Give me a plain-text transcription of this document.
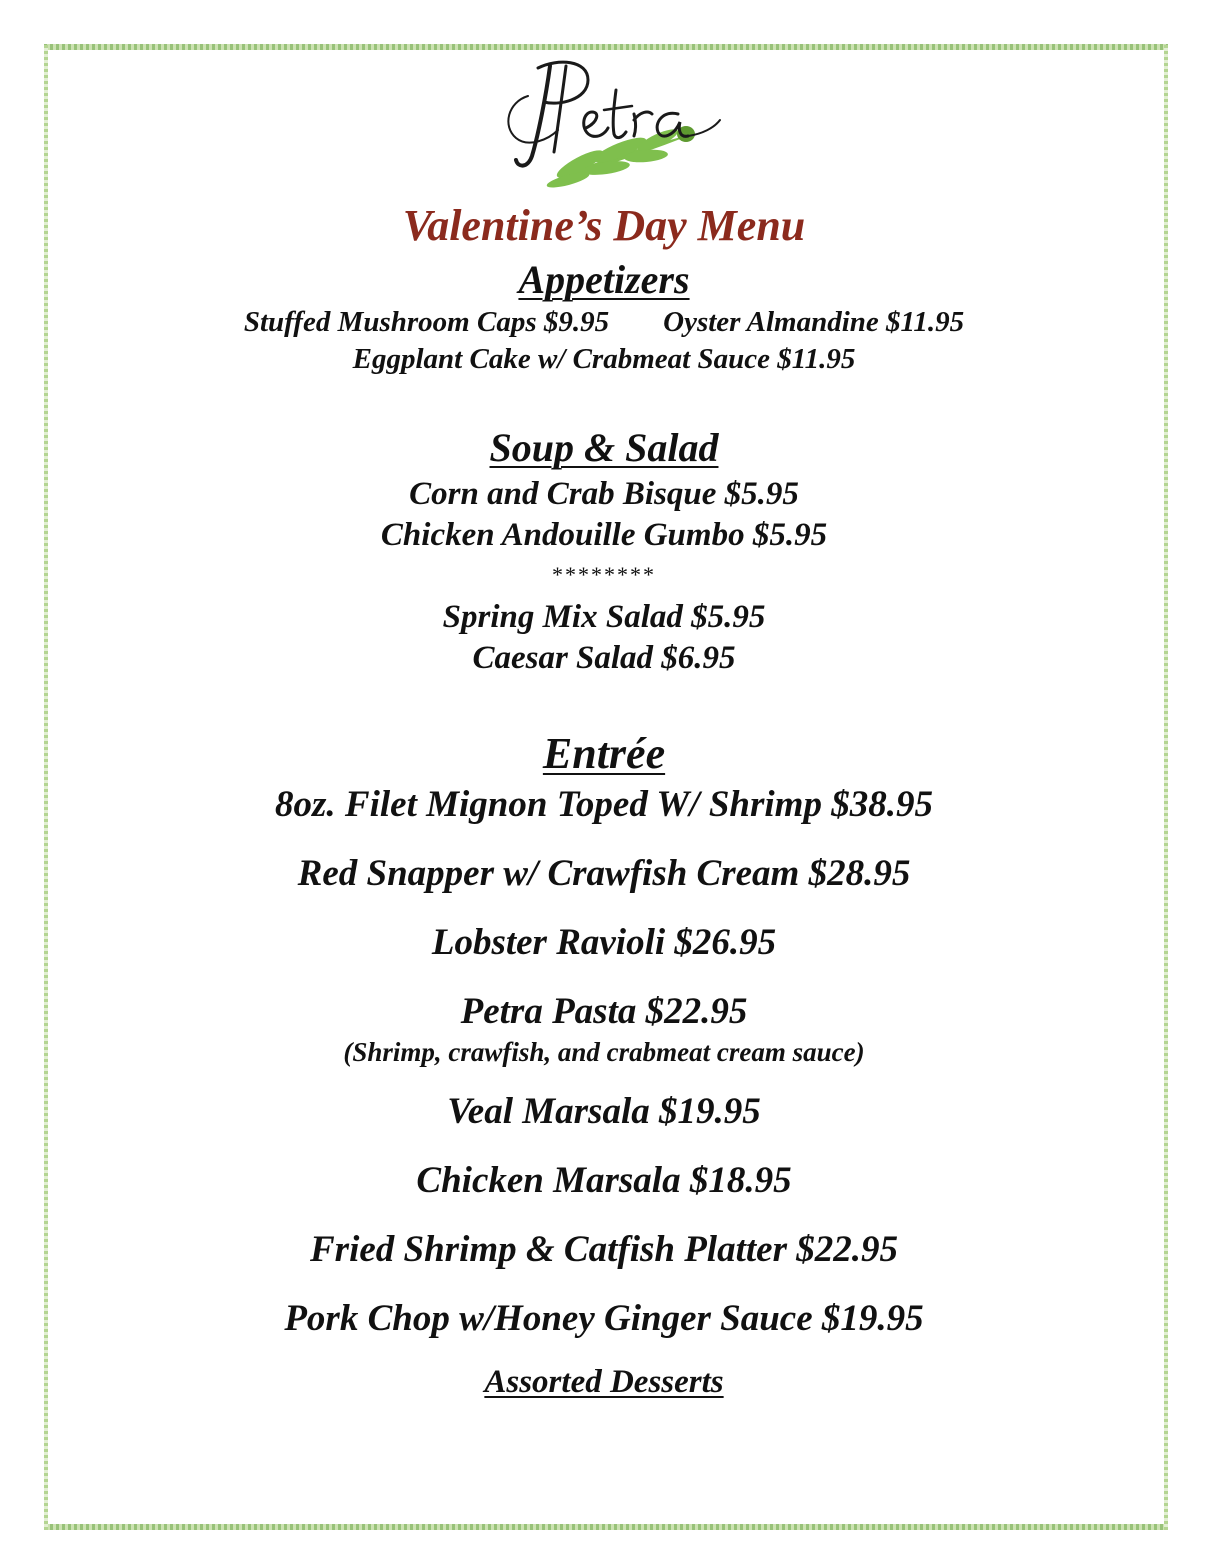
Valentine’s Day Menu
Appetizers
Stuffed Mushroom Caps $9.95 Oyster Almandine $11.95
Eggplant Cake w/ Crabmeat Sauce $11.95
Soup & Salad
Corn and Crab Bisque $5.95
Chicken Andouille Gumbo $5.95
********
Spring Mix Salad $5.95
Caesar Salad $6.95
Entrée
8oz. Filet Mignon Toped W/ Shrimp $38.95
Red Snapper w/ Crawfish Cream $28.95
Lobster Ravioli $26.95
Petra Pasta $22.95
(Shrimp, crawfish, and crabmeat cream sauce)
Veal Marsala $19.95
Chicken Marsala $18.95
Fried Shrimp & Catfish Platter $22.95
Pork Chop w/Honey Ginger Sauce $19.95
Assorted Desserts
